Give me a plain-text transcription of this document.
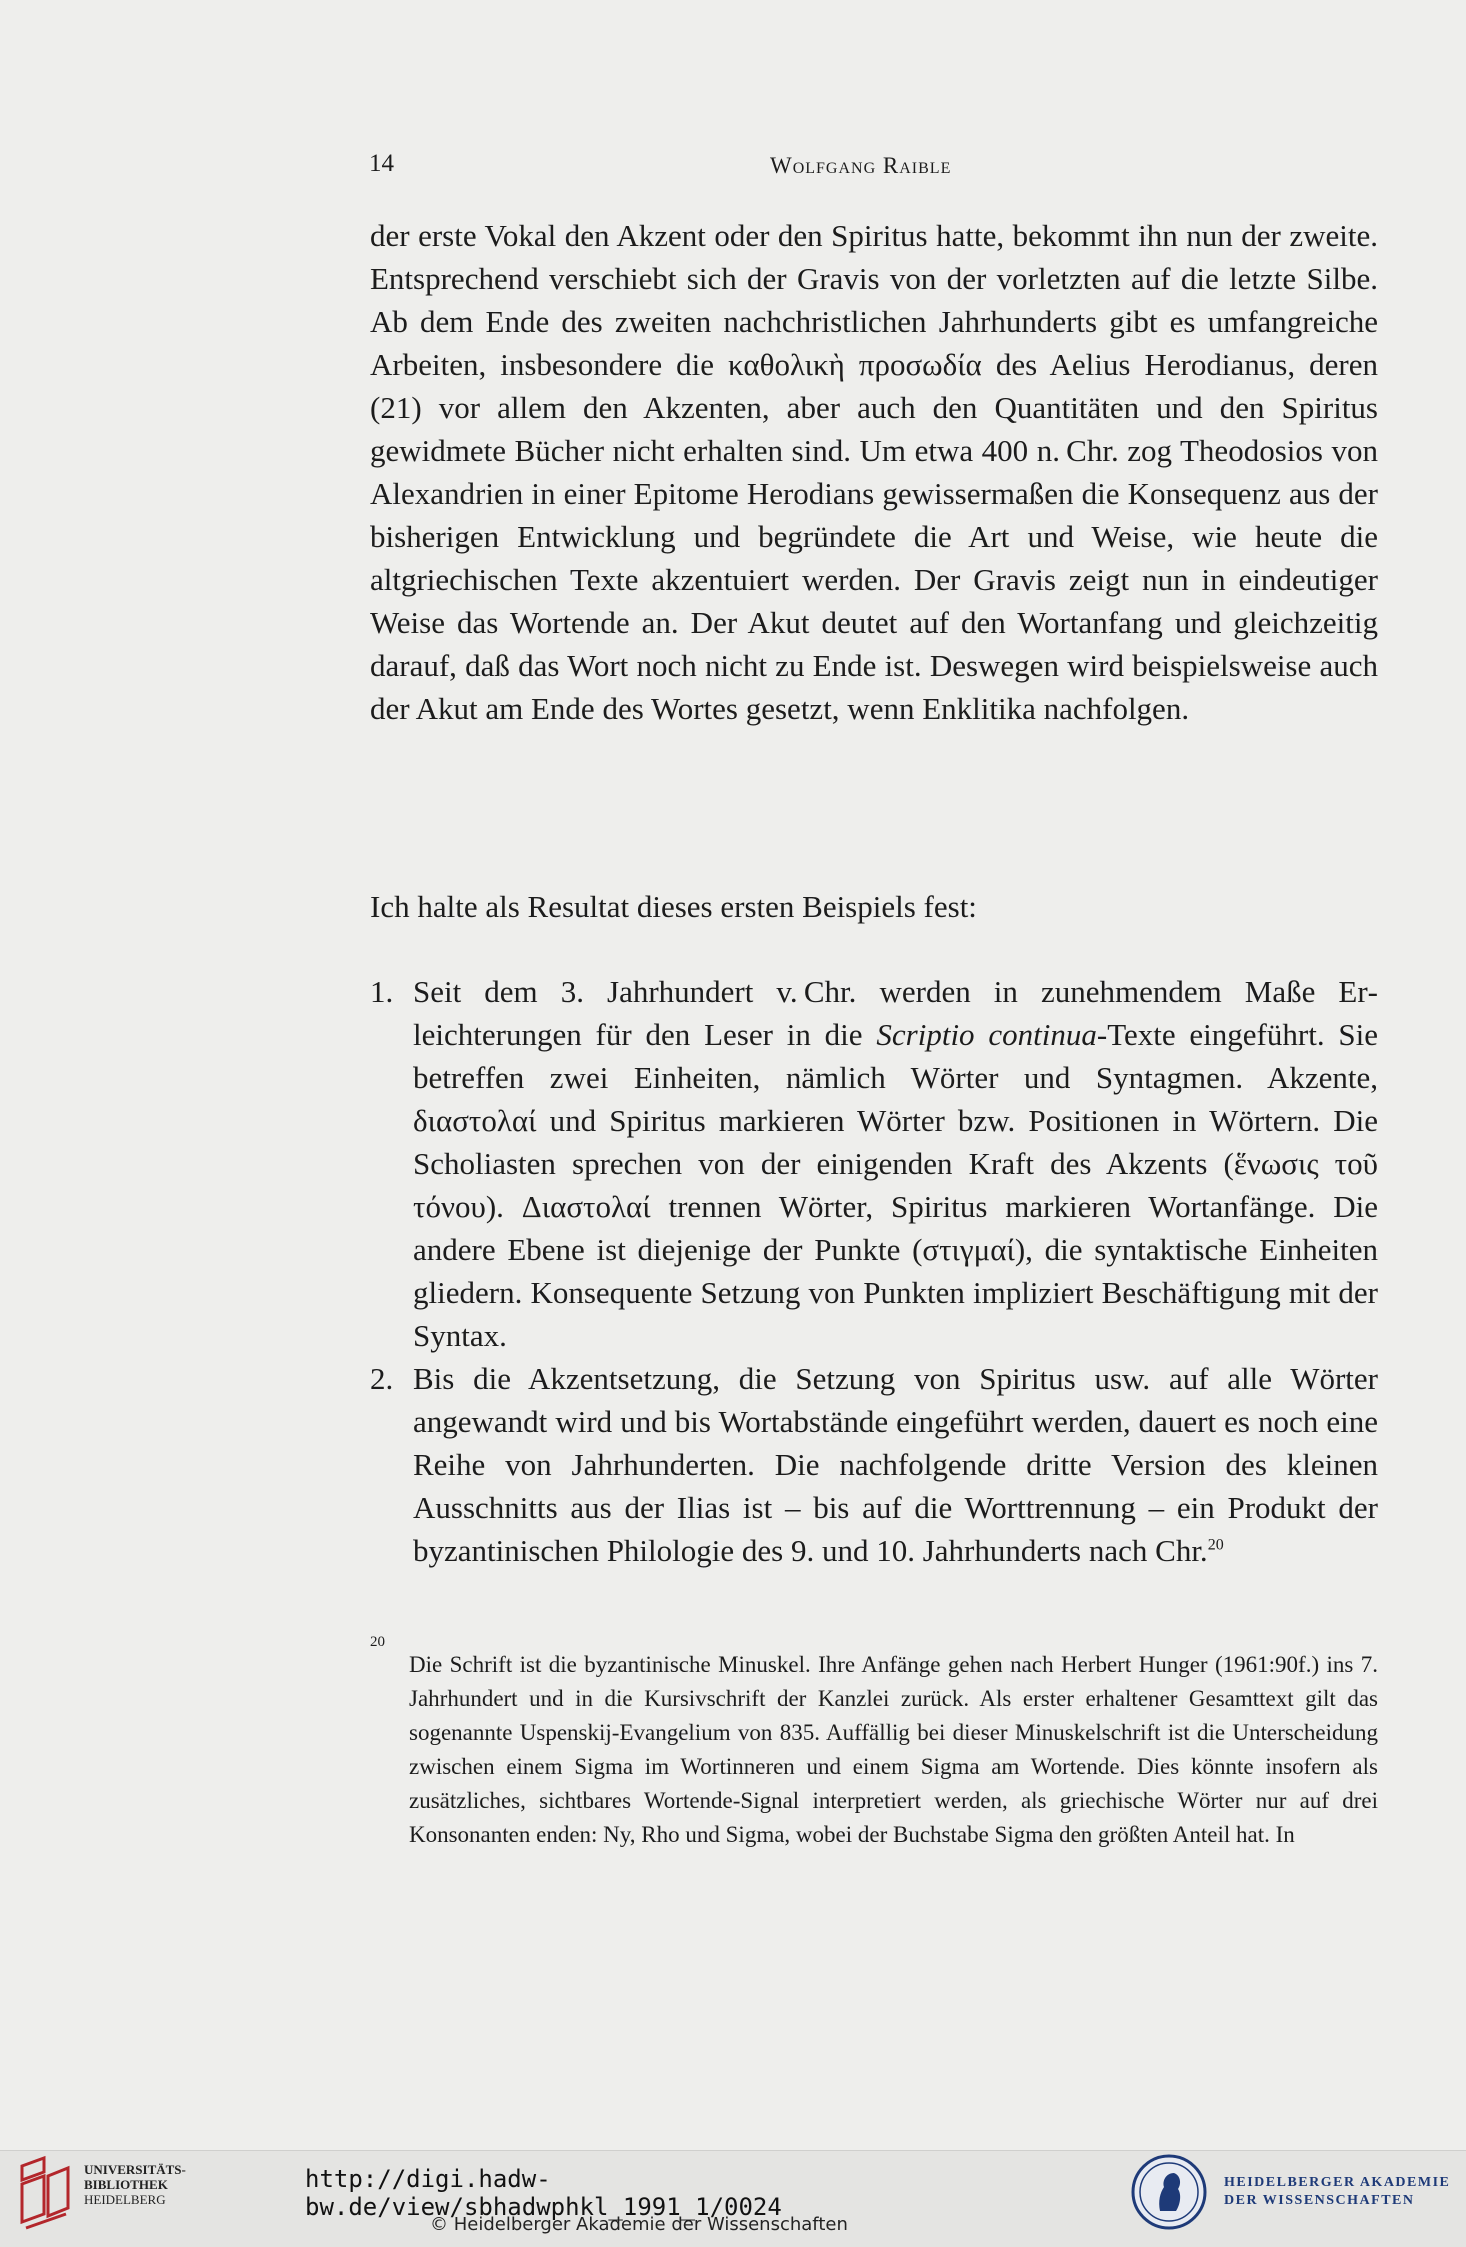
14	Wolfgang Raible

der erste Vokal den Akzent oder den Spiritus hatte, bekommt ihn nun der zweite. Entsprechend verschiebt sich der Gravis von der vorletzten auf die letzte Silbe. Ab dem Ende des zweiten nachchristlichen Jahrhunderts gibt es umfangreiche Arbeiten, insbesondere die καθολικὴ προσωδία des Aelius Herodianus, deren (21) vor allem den Akzenten, aber auch den Quantitäten und den Spiritus gewidmete Bücher nicht erhalten sind. Um etwa 400 n. Chr. zog Theodosios von Alexandrien in einer Epitome Herodians gewissermaßen die Konsequenz aus der bisherigen Entwicklung und begründete die Art und Weise, wie heute die altgriechischen Texte akzentuiert werden. Der Gravis zeigt nun in eindeutiger Weise das Wortende an. Der Akut deutet auf den Wortanfang und gleichzeitig darauf, daß das Wort noch nicht zu Ende ist. Deswegen wird beispielsweise auch der Akut am Ende des Wortes gesetzt, wenn Enklitika nachfolgen.

Ich halte als Resultat dieses ersten Beispiels fest:

1. Seit dem 3. Jahrhundert v. Chr. werden in zunehmendem Maße Erleichterungen für den Leser in die Scriptio continua-Texte eingeführt. Sie betreffen zwei Einheiten, nämlich Wörter und Syntagmen. Akzente, διαστολαί und Spiritus markieren Wörter bzw. Positionen in Wörtern. Die Scholiasten sprechen von der einigenden Kraft des Akzents (ἕνωσις τοῦ τόνου). Διαστολαί trennen Wörter, Spiritus markieren Wortanfänge. Die andere Ebene ist diejenige der Punkte (στιγμαί), die syntaktische Einheiten gliedern. Konsequente Setzung von Punkten impliziert Beschäftigung mit der Syntax.
2. Bis die Akzentsetzung, die Setzung von Spiritus usw. auf alle Wörter angewandt wird und bis Wortabstände eingeführt werden, dauert es noch eine Reihe von Jahrhunderten. Die nachfolgende dritte Version des kleinen Ausschnitts aus der Ilias ist – bis auf die Worttrennung – ein Produkt der byzantinischen Philologie des 9. und 10. Jahrhunderts nach Chr.$^{20}$
20
Die Schrift ist die byzantinische Minuskel. Ihre Anfänge gehen nach Herbert Hunger (1961:90f.) ins 7. Jahrhundert und in die Kursivschrift der Kanzlei zurück. Als erster erhaltener Gesamttext gilt das sogenannte Uspenskij-Evangelium von 835. Auffällig bei dieser Minuskelschrift ist die Unterscheidung zwischen einem Sigma im Wortinneren und einem Sigma am Wortende. Dies könnte insofern als zusätzliches, sichtbares Wortende-Signal interpretiert werden, als griechische Wörter nur auf drei Konsonanten enden: Ny, Rho und Sigma, wobei der Buchstabe Sigma den größten Anteil hat. In
UNIVERSITÄTS-
BIBLIOTHEK
HEIDELBERG
http://digi.hadw-bw.de/view/sbhadwphkl_1991_1/0024
© Heidelberger Akademie der Wissenschaften
HEIDELBERGER AKADEMIE
DER WISSENSCHAFTEN
